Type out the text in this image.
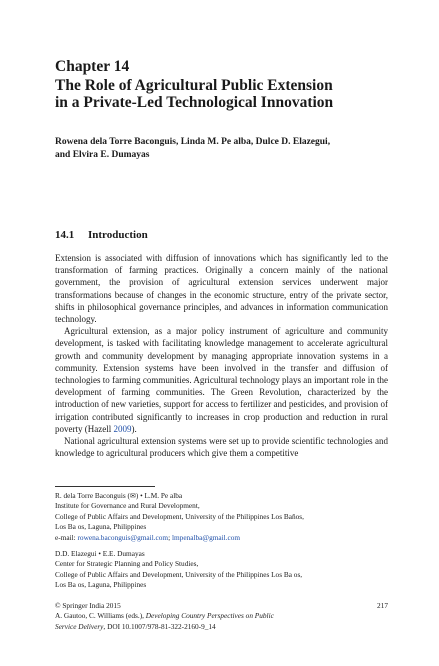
Chapter 14
The Role of Agricultural Public Extension
in a Private-Led Technological Innovation
Rowena dela Torre Baconguis, Linda M. Pe alba, Dulce D. Elazegui,
and Elvira E. Dumayas
14.1 Introduction

Extension is associated with diffusion of innovations which has significantly led to the transformation of farming practices. Originally a concern mainly of the national government, the provision of agricultural extension services underwent major transformations because of changes in the economic structure, entry of the private sector, shifts in philosophical governance principles, and advances in information communication technology.

Agricultural extension, as a major policy instrument of agriculture and community development, is tasked with facilitating knowledge management to accelerate agricultural growth and community development by managing appropriate innovation systems in a community. Extension systems have been involved in the transfer and diffusion of technologies to farming communities. Agricultural technology plays an important role in the development of farming communities. The Green Revolution, characterized by the introduction of new varieties, support for access to fertilizer and pesticides, and provision of irrigation contributed significantly to increases in crop production and reduction in rural poverty (Hazell 2009).

National agricultural extension systems were set up to provide scientific technologies and knowledge to agricultural producers which give them a competitive

R. dela Torre Baconguis (✉) • L.M. Pe alba
Institute for Governance and Rural Development,
College of Public Affairs and Development, University of the Philippines Los Baños,
Los Ba os, Laguna, Philippines
e-mail: rowena.baconguis@gmail.com; lmpenalba@gmail.com
D.D. Elazegui • E.E. Dumayas
Center for Strategic Planning and Policy Studies,
College of Public Affairs and Development, University of the Philippines Los Ba os,
Los Ba os, Laguna, Philippines
© Springer India 2015
A. Gautoo, C. Williams (eds.), Developing Country Perspectives on Public
Service Delivery, DOI 10.1007/978-81-322-2160-9_14
217
